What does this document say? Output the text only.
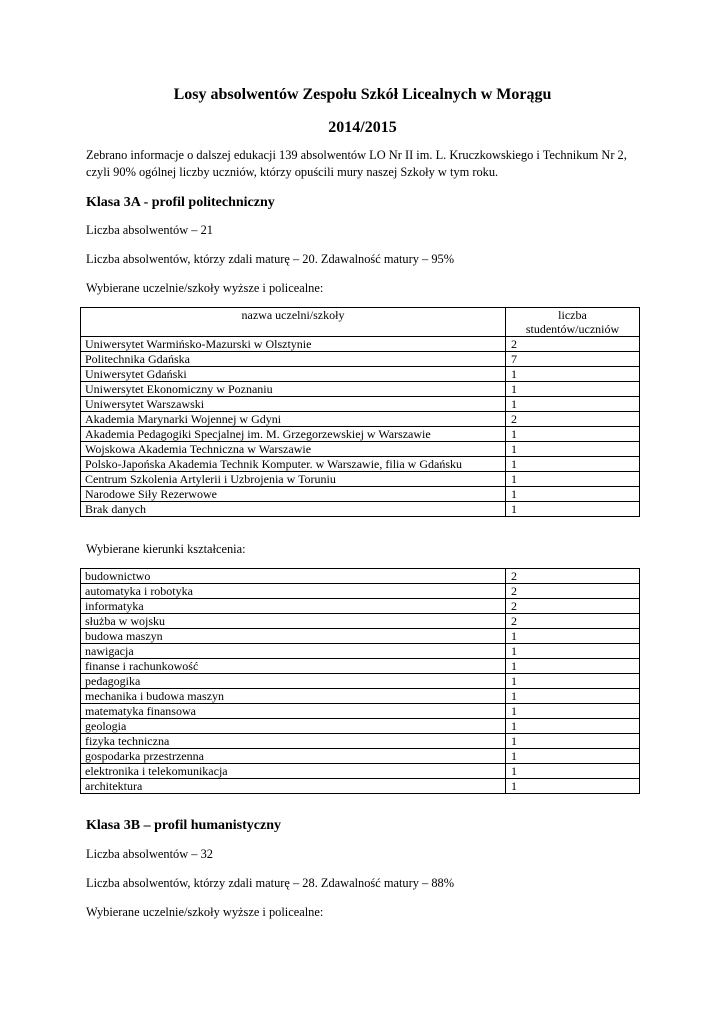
Losy absolwentów Zespołu Szkół Licealnych w Morągu
2014/2015
Zebrano informacje o dalszej edukacji 139 absolwentów LO Nr II im. L. Kruczkowskiego i Technikum Nr 2,
czyli 90% ogólnej liczby uczniów, którzy opuścili mury naszej Szkoły w tym roku.
Klasa 3A - profil politechniczny
Liczba absolwentów – 21
Liczba absolwentów, którzy zdali maturę – 20. Zdawalność matury – 95%
Wybierane uczelnie/szkoły wyższe i policealne:
nazwa uczelni/szkoły	liczba
studentów/uczniów

Uniwersytet Warmińsko-Mazurski w Olsztynie	2
Politechnika Gdańska	7
Uniwersytet Gdański	1
Uniwersytet Ekonomiczny w Poznaniu	1
Uniwersytet Warszawski	1
Akademia Marynarki Wojennej w Gdyni	2
Akademia Pedagogiki Specjalnej im. M. Grzegorzewskiej w Warszawie	1
Wojskowa Akademia Techniczna w Warszawie	1
Polsko-Japońska Akademia Technik Komputer. w Warszawie, filia w Gdańsku	1
Centrum Szkolenia Artylerii i Uzbrojenia w Toruniu	1
Narodowe Siły Rezerwowe	1
Brak danych	1
Wybierane kierunki kształcenia:
budownictwo	2
automatyka i robotyka	2
informatyka	2
służba w wojsku	2
budowa maszyn	1
nawigacja	1
finanse i rachunkowość	1
pedagogika	1
mechanika i budowa maszyn	1
matematyka finansowa	1
geologia	1
fizyka techniczna	1
gospodarka przestrzenna	1
elektronika i telekomunikacja	1
architektura	1
Klasa 3B – profil humanistyczny
Liczba absolwentów – 32
Liczba absolwentów, którzy zdali maturę – 28. Zdawalność matury – 88%
Wybierane uczelnie/szkoły wyższe i policealne:
